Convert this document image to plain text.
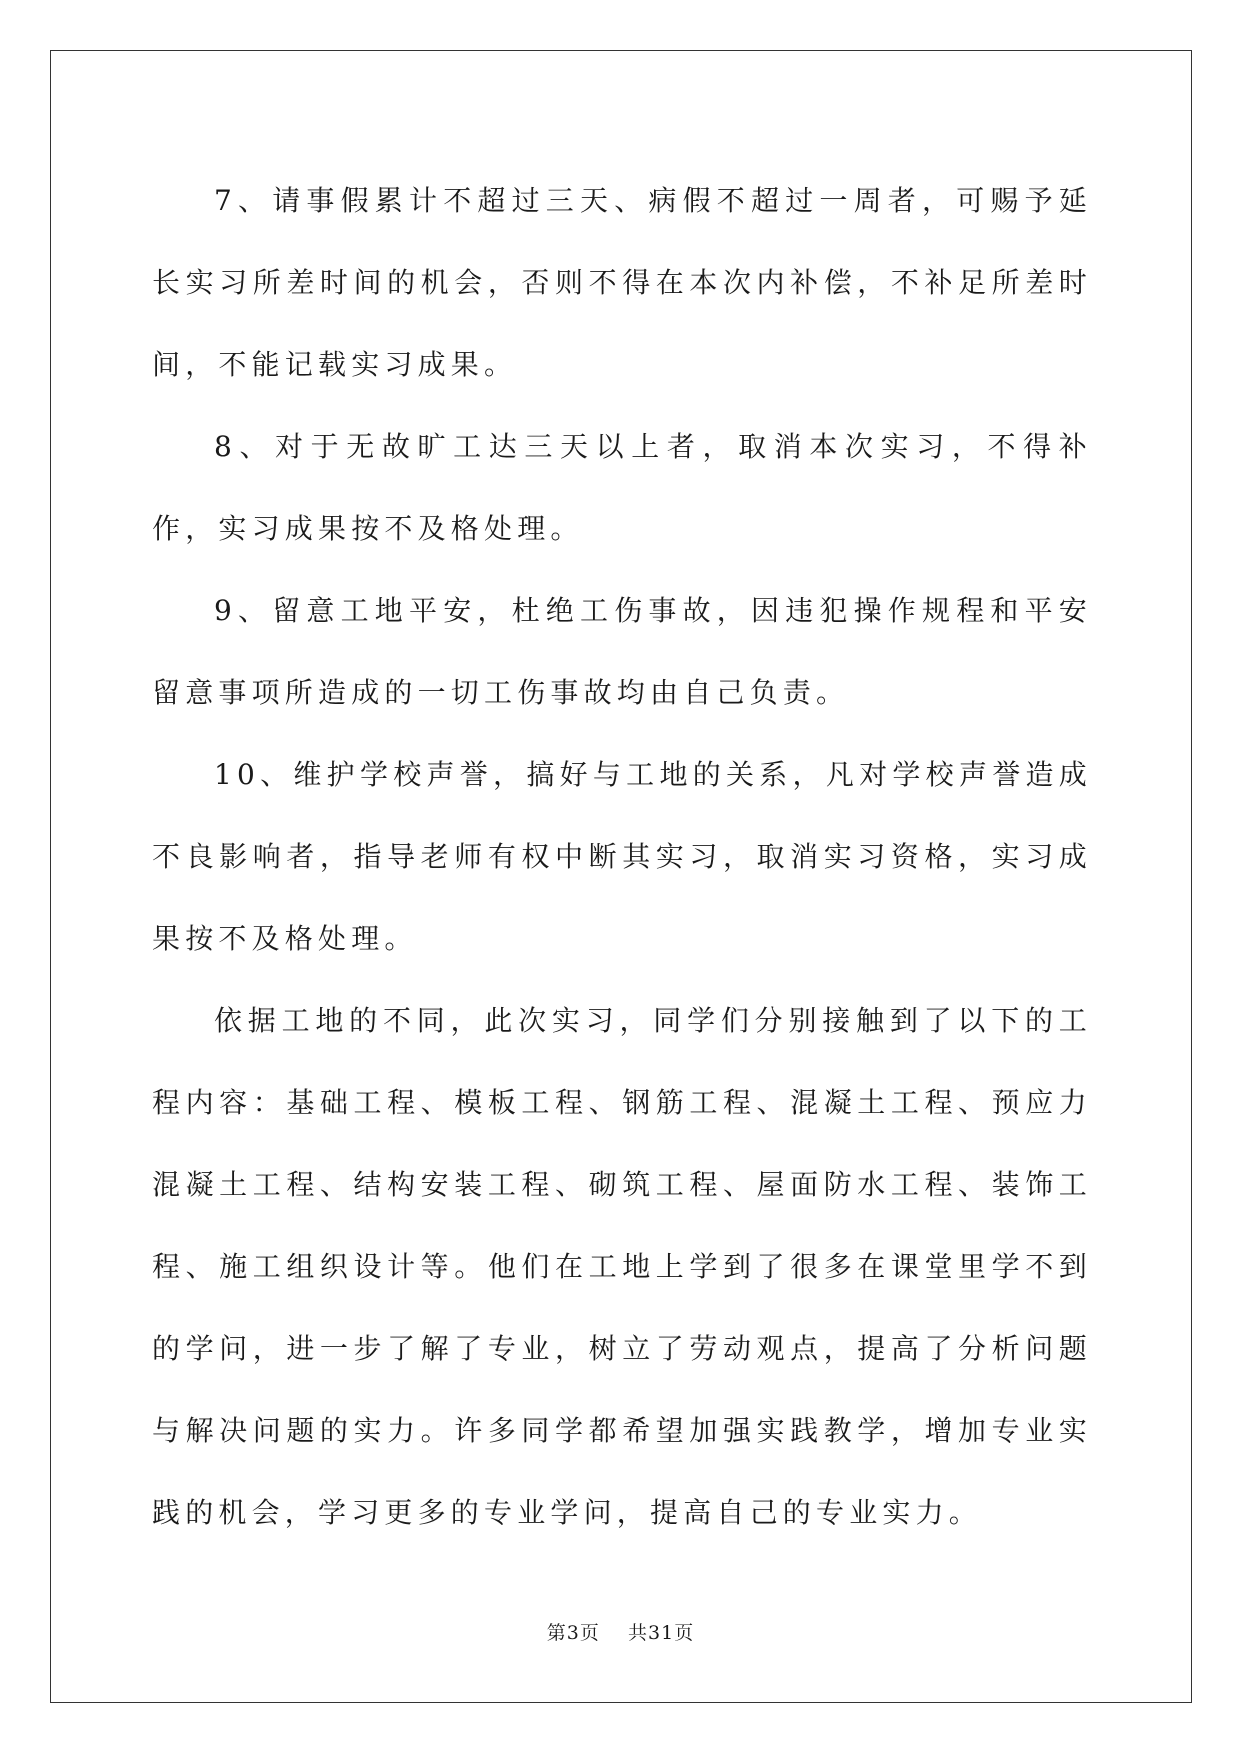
7、请事假累计不超过三天、病假不超过一周者，可赐予延长实习所差时间的机会，否则不得在本次内补偿，不补足所差时间，不能记载实习成果。

8、对于无故旷工达三天以上者，取消本次实习，不得补作，实习成果按不及格处理。

9、留意工地平安，杜绝工伤事故，因违犯操作规程和平安留意事项所造成的一切工伤事故均由自己负责。

10、维护学校声誉，搞好与工地的关系，凡对学校声誉造成不良影响者，指导老师有权中断其实习，取消实习资格，实习成果按不及格处理。

依据工地的不同，此次实习，同学们分别接触到了以下的工程内容：基础工程、模板工程、钢筋工程、混凝土工程、预应力混凝土工程、结构安装工程、砌筑工程、屋面防水工程、装饰工程、施工组织设计等。他们在工地上学到了很多在课堂里学不到的学问，进一步了解了专业，树立了劳动观点，提高了分析问题与解决问题的实力。许多同学都希望加强实践教学，增加专业实践的机会，学习更多的专业学问，提高自己的专业实力。

第3页 共31页
